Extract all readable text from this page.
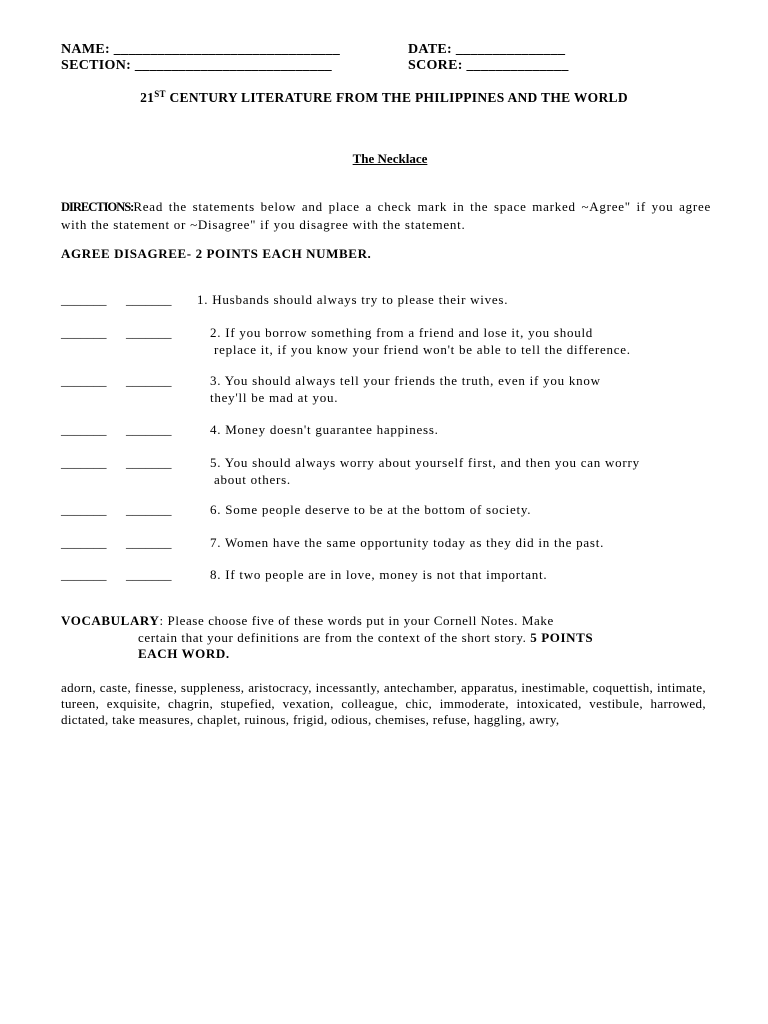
NAME: _______________________________	DATE: _______________
SECTION: ___________________________	SCORE: ______________
21ST CENTURY LITERATURE FROM THE PHILIPPINES AND THE WORLD
The Necklace
DIRECTIONS:Read the statements below and place a check mark in the space marked ~Agree" if you agree with the statement or ~Disagree" if you disagree with the statement.
AGREE DISAGREE- 2 POINTS EACH NUMBER.
_______ _______ 1. Husbands should always try to please their wives.
_______ _______	2. If you borrow something from a friend and lose it, you should
replace it, if you know your friend won't be able to tell the difference.
_______ _______	3. You should always tell your friends the truth, even if you know
they'll be mad at you.
_______ _______	4. Money doesn't guarantee happiness.
_______ _______	5. You should always worry about yourself first, and then you can worry
about others.
_______ _______	6. Some people deserve to be at the bottom of society.
_______ _______	7. Women have the same opportunity today as they did in the past.
_______ _______	8. If two people are in love, money is not that important.
VOCABULARY: Please choose five of these words put in your Cornell Notes. Make
certain that your definitions are from the context of the short story. 5 POINTS
EACH WORD.
adorn, caste, finesse, suppleness, aristocracy, incessantly, antechamber, apparatus, inestimable, coquettish, intimate, tureen, exquisite, chagrin, stupefied, vexation, colleague, chic, immoderate, intoxicated, vestibule, harrowed, dictated, take measures, chaplet, ruinous, frigid, odious, chemises, refuse, haggling, awry,
